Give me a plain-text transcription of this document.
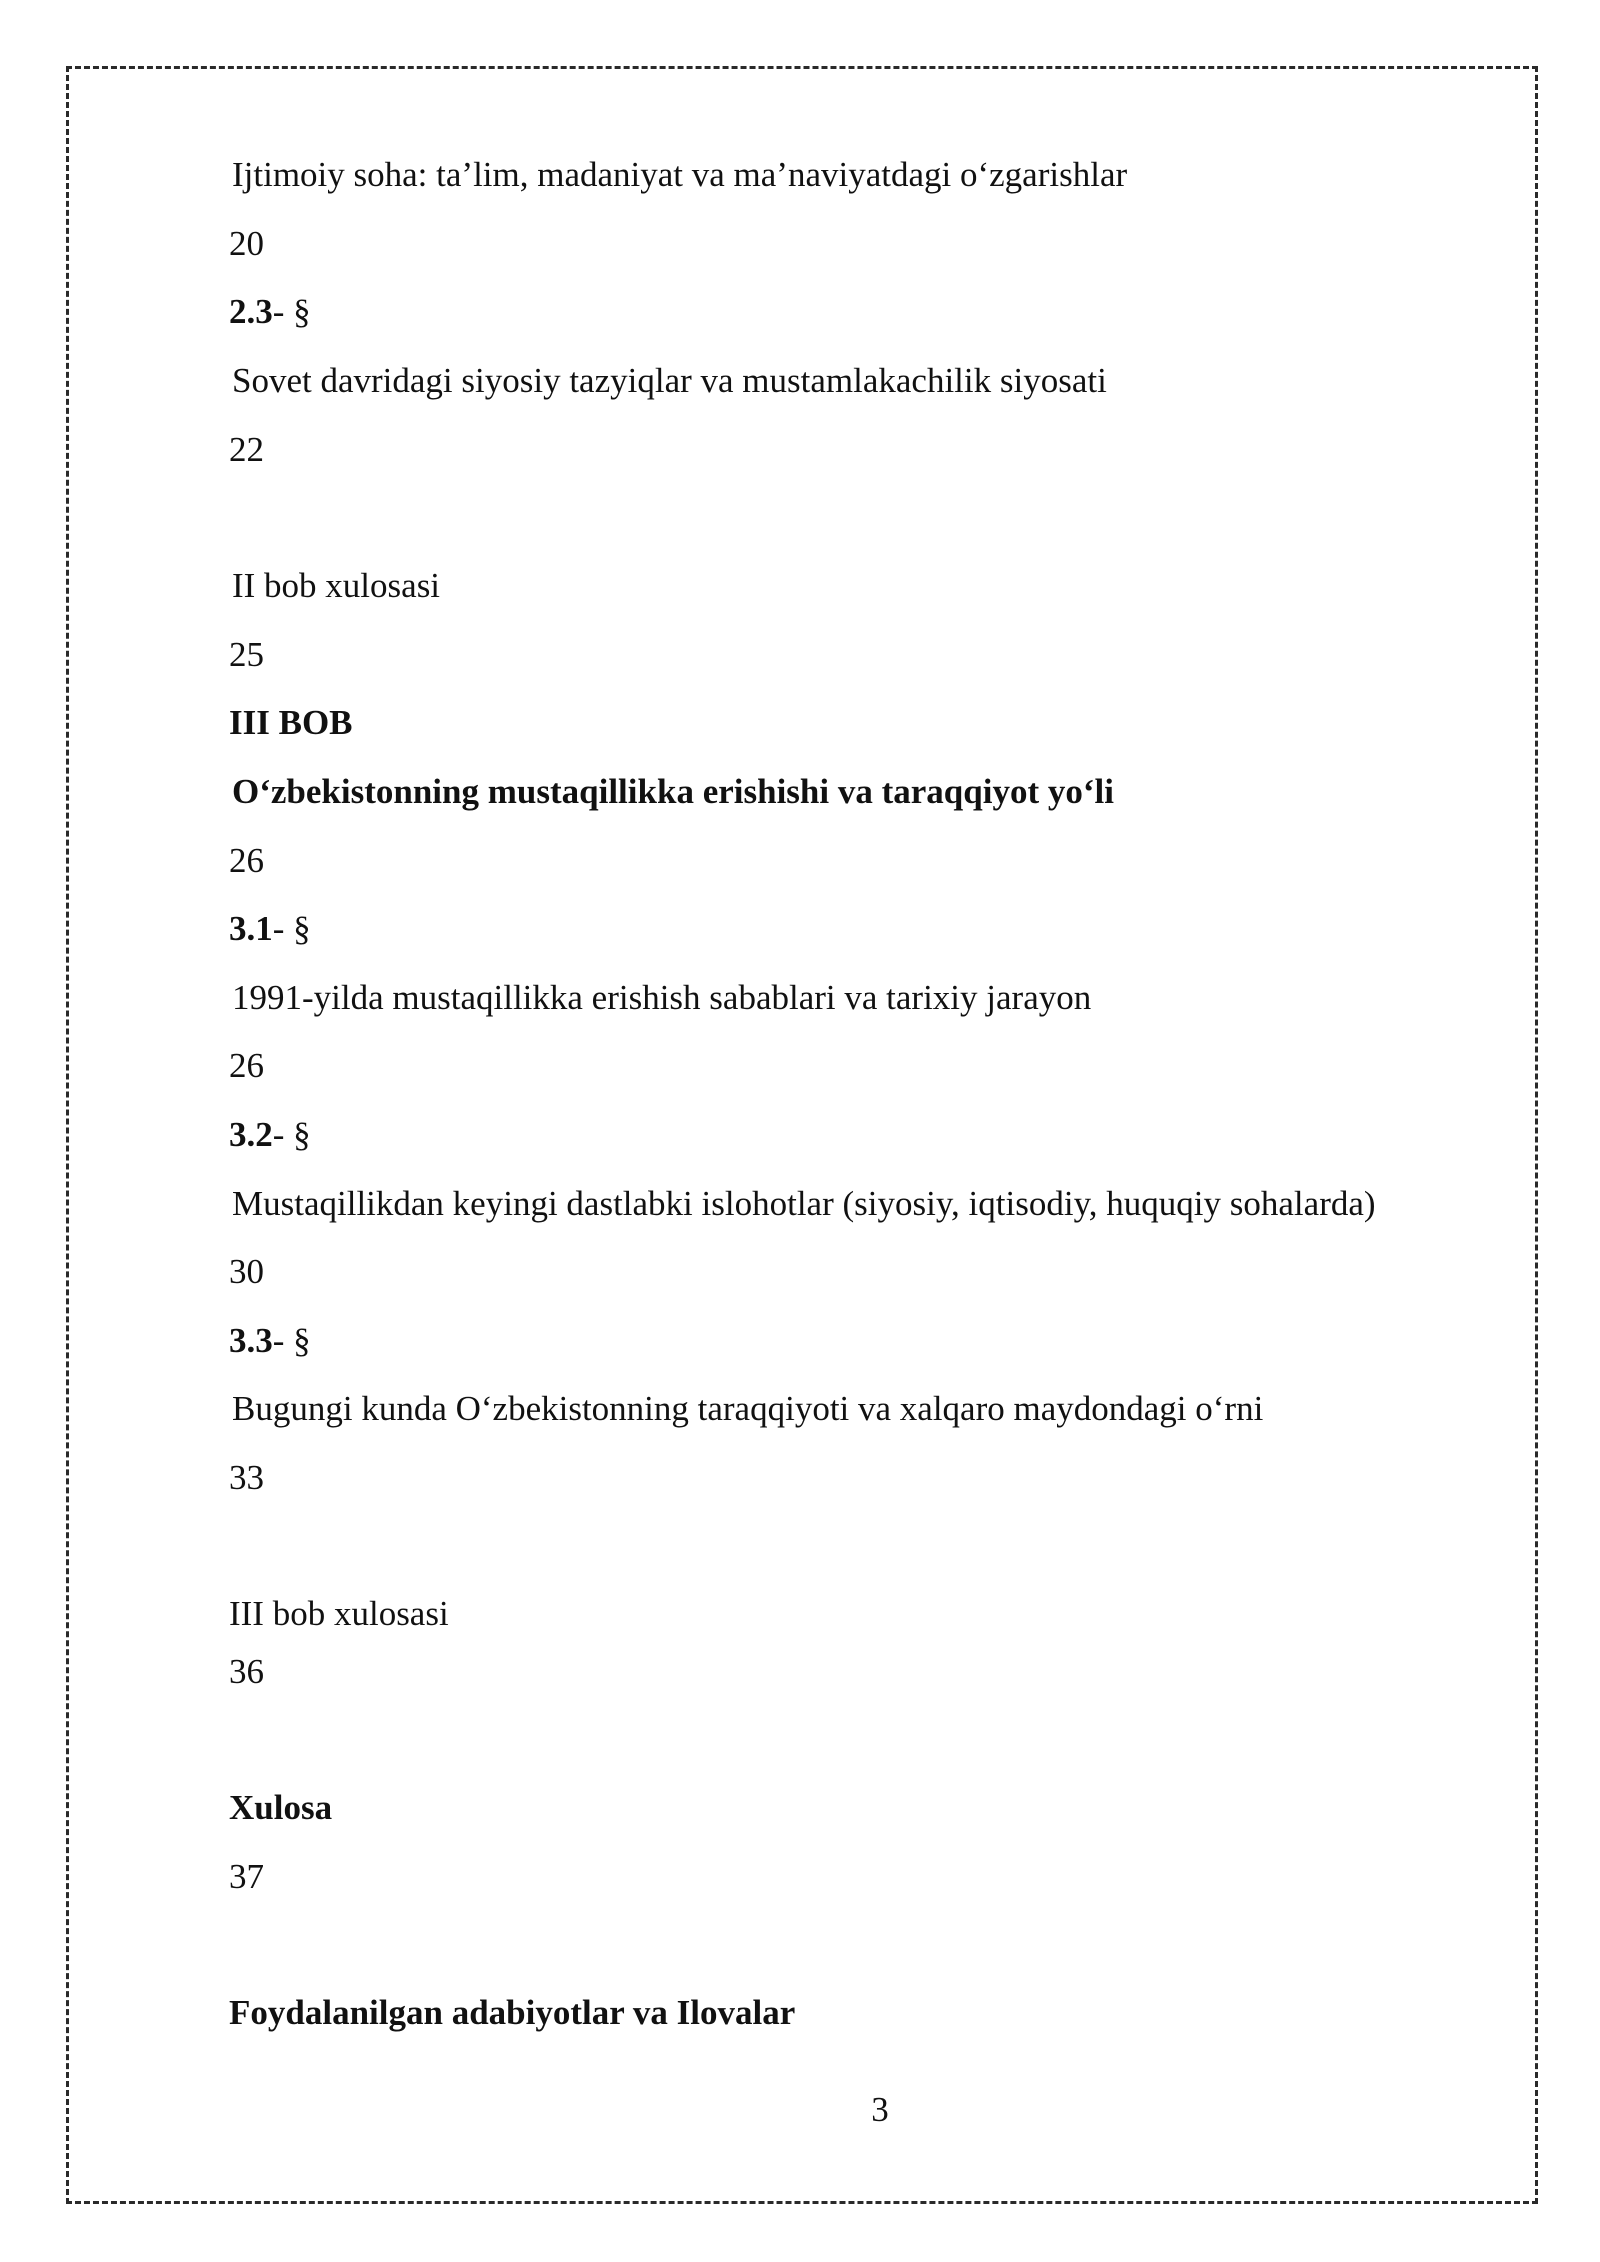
Ijtimoiy soha: ta’lim, madaniyat va ma’naviyatdagi o‘zgarishlar
20
2.3- §
Sovet davridagi siyosiy tazyiqlar va mustamlakachilik siyosati
22
II bob xulosasi
25
III BOB
O‘zbekistonning mustaqillikka erishishi va taraqqiyot yo‘li
26
3.1- §
1991-yilda mustaqillikka erishish sabablari va tarixiy jarayon
26
3.2- §
Mustaqillikdan keyingi dastlabki islohotlar (siyosiy, iqtisodiy, huquqiy sohalarda)
30
3.3- §
Bugungi kunda O‘zbekistonning taraqqiyoti va xalqaro maydondagi o‘rni
33
III bob xulosasi
36
Xulosa
37
Foydalanilgan adabiyotlar va Ilovalar
3
